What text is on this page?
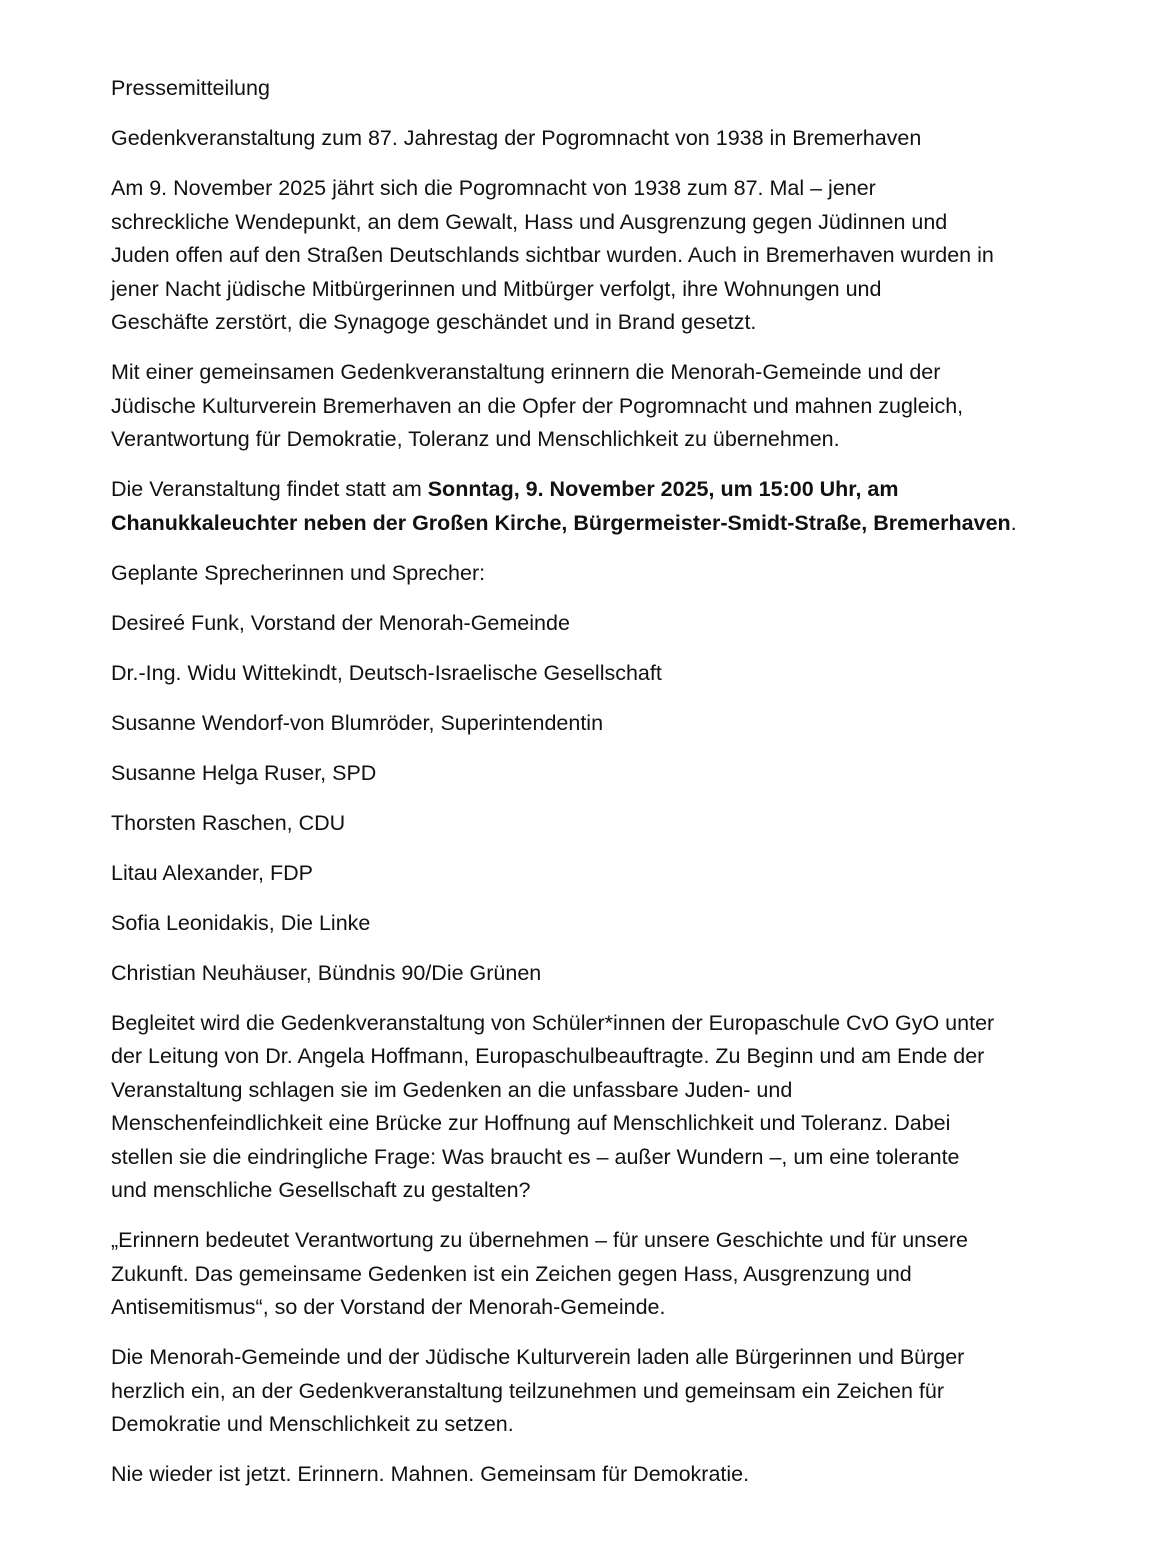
Pressemitteilung

Gedenkveranstaltung zum 87. Jahrestag der Pogromnacht von 1938 in Bremerhaven

Am 9. November 2025 jährt sich die Pogromnacht von 1938 zum 87. Mal – jener
schreckliche Wendepunkt, an dem Gewalt, Hass und Ausgrenzung gegen Jüdinnen und
Juden offen auf den Straßen Deutschlands sichtbar wurden. Auch in Bremerhaven wurden in
jener Nacht jüdische Mitbürgerinnen und Mitbürger verfolgt, ihre Wohnungen und
Geschäfte zerstört, die Synagoge geschändet und in Brand gesetzt.

Mit einer gemeinsamen Gedenkveranstaltung erinnern die Menorah-Gemeinde und der
Jüdische Kulturverein Bremerhaven an die Opfer der Pogromnacht und mahnen zugleich,
Verantwortung für Demokratie, Toleranz und Menschlichkeit zu übernehmen.

Die Veranstaltung findet statt am Sonntag, 9. November 2025, um 15:00 Uhr, am
Chanukkaleuchter neben der Großen Kirche, Bürgermeister-Smidt-Straße, Bremerhaven.

Geplante Sprecherinnen und Sprecher:

Desireé Funk, Vorstand der Menorah-Gemeinde

Dr.-Ing. Widu Wittekindt, Deutsch-Israelische Gesellschaft

Susanne Wendorf-von Blumröder, Superintendentin

Susanne Helga Ruser, SPD

Thorsten Raschen, CDU

Litau Alexander, FDP

Sofia Leonidakis, Die Linke

Christian Neuhäuser, Bündnis 90/Die Grünen

Begleitet wird die Gedenkveranstaltung von Schüler*innen der Europaschule CvO GyO unter
der Leitung von Dr. Angela Hoffmann, Europaschulbeauftragte. Zu Beginn und am Ende der
Veranstaltung schlagen sie im Gedenken an die unfassbare Juden- und
Menschenfeindlichkeit eine Brücke zur Hoffnung auf Menschlichkeit und Toleranz. Dabei
stellen sie die eindringliche Frage: Was braucht es – außer Wundern –, um eine tolerante
und menschliche Gesellschaft zu gestalten?

„Erinnern bedeutet Verantwortung zu übernehmen – für unsere Geschichte und für unsere
Zukunft. Das gemeinsame Gedenken ist ein Zeichen gegen Hass, Ausgrenzung und
Antisemitismus“, so der Vorstand der Menorah-Gemeinde.

Die Menorah-Gemeinde und der Jüdische Kulturverein laden alle Bürgerinnen und Bürger
herzlich ein, an der Gedenkveranstaltung teilzunehmen und gemeinsam ein Zeichen für
Demokratie und Menschlichkeit zu setzen.

Nie wieder ist jetzt. Erinnern. Mahnen. Gemeinsam für Demokratie.
